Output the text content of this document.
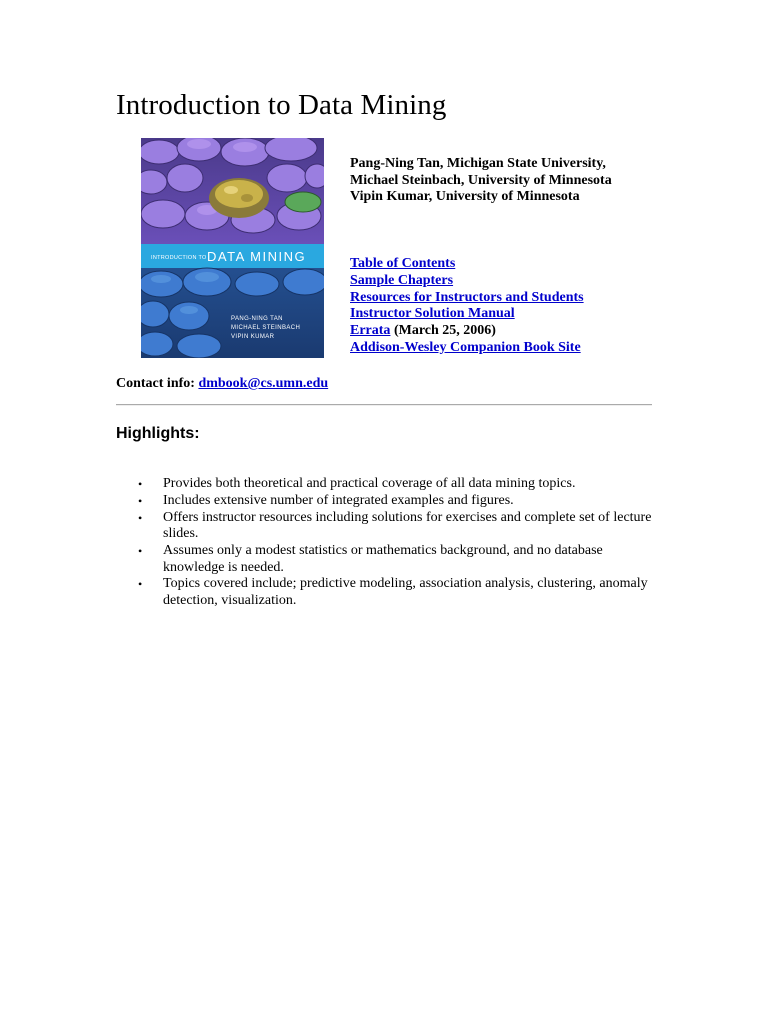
Introduction to Data Mining
INTRODUCTION TO DATA MINING
PANG-NING TAN
MICHAEL STEINBACH
VIPIN KUMAR
Pang-Ning Tan, Michigan State University,
Michael Steinbach, University of Minnesota
Vipin Kumar, University of Minnesota
Table of Contents
Sample Chapters
Resources for Instructors and Students
Instructor Solution Manual
Errata (March 25, 2006)
Addison-Wesley Companion Book Site
Contact info: dmbook@cs.umn.edu
Highlights:
• Provides both theoretical and practical coverage of all data mining topics.
• Includes extensive number of integrated examples and figures.
• Offers instructor resources including solutions for exercises and complete set of lecture slides.
• Assumes only a modest statistics or mathematics background, and no database knowledge is needed.
• Topics covered include; predictive modeling, association analysis, clustering, anomaly detection, visualization.
